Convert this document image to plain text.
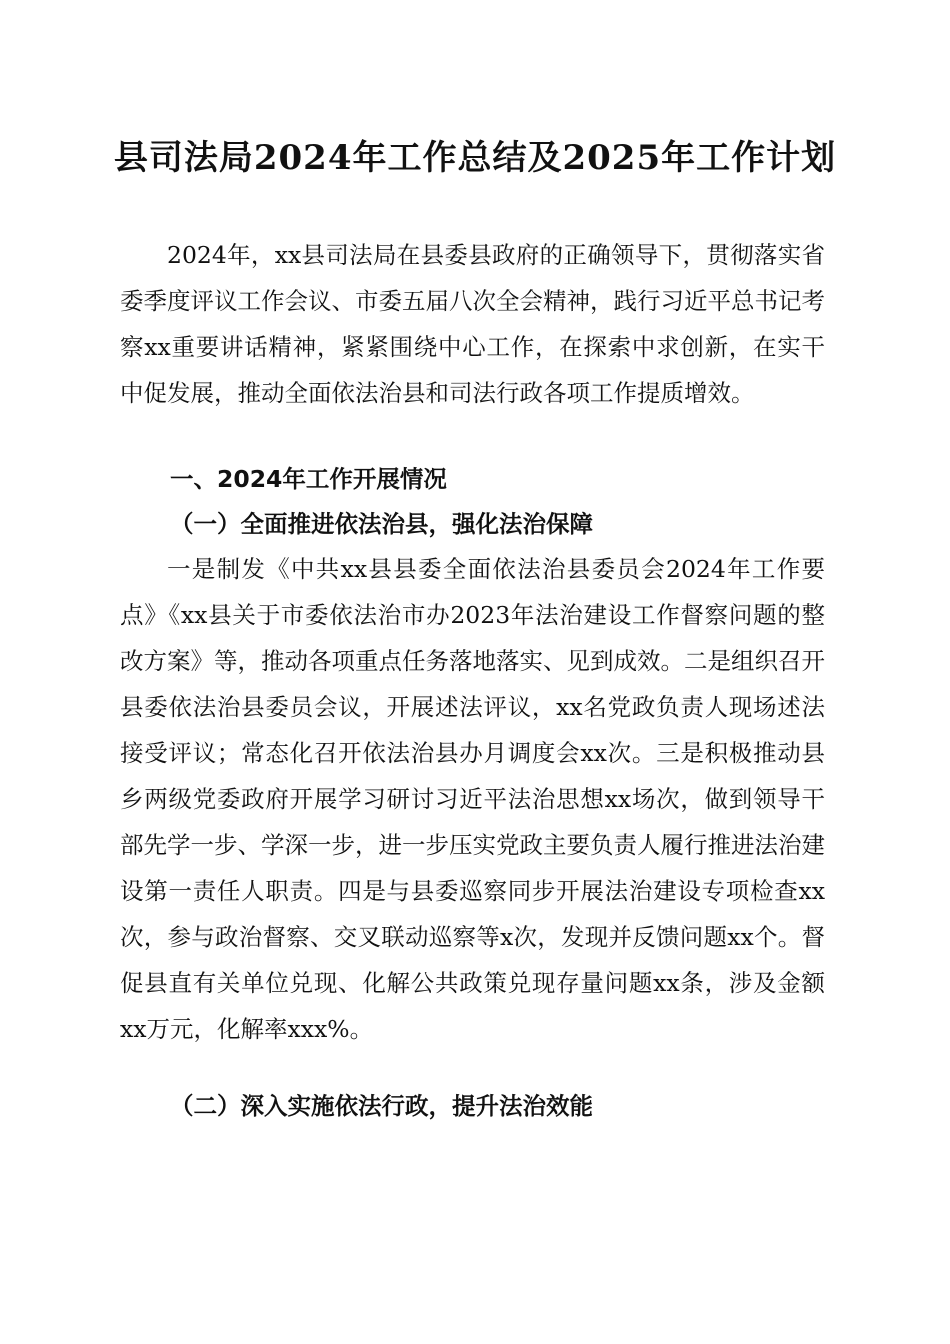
县司法局2024年工作总结及2025年工作计划

2024年，xx县司法局在县委县政府的正确领导下，贯彻落实省委季度评议工作会议、市委五届八次全会精神，践行习近平总书记考察xx重要讲话精神，紧紧围绕中心工作，在探索中求创新，在实干中促发展，推动全面依法治县和司法行政各项工作提质增效。

一、2024年工作开展情况
（一）全面推进依法治县，强化法治保障

一是制发《中共xx县县委全面依法治县委员会2024年工作要点》《xx县关于市委依法治市办2023年法治建设工作督察问题的整改方案》等，推动各项重点任务落地落实、见到成效。二是组织召开县委依法治县委员会议，开展述法评议，xx名党政负责人现场述法接受评议；常态化召开依法治县办月调度会xx次。三是积极推动县乡两级党委政府开展学习研讨习近平法治思想xx场次，做到领导干部先学一步、学深一步，进一步压实党政主要负责人履行推进法治建设第一责任人职责。四是与县委巡察同步开展法治建设专项检查xx次，参与政治督察、交叉联动巡察等x次，发现并反馈问题xx个。督促县直有关单位兑现、化解公共政策兑现存量问题xx条，涉及金额xx万元，化解率xxx%。

（二）深入实施依法行政，提升法治效能
